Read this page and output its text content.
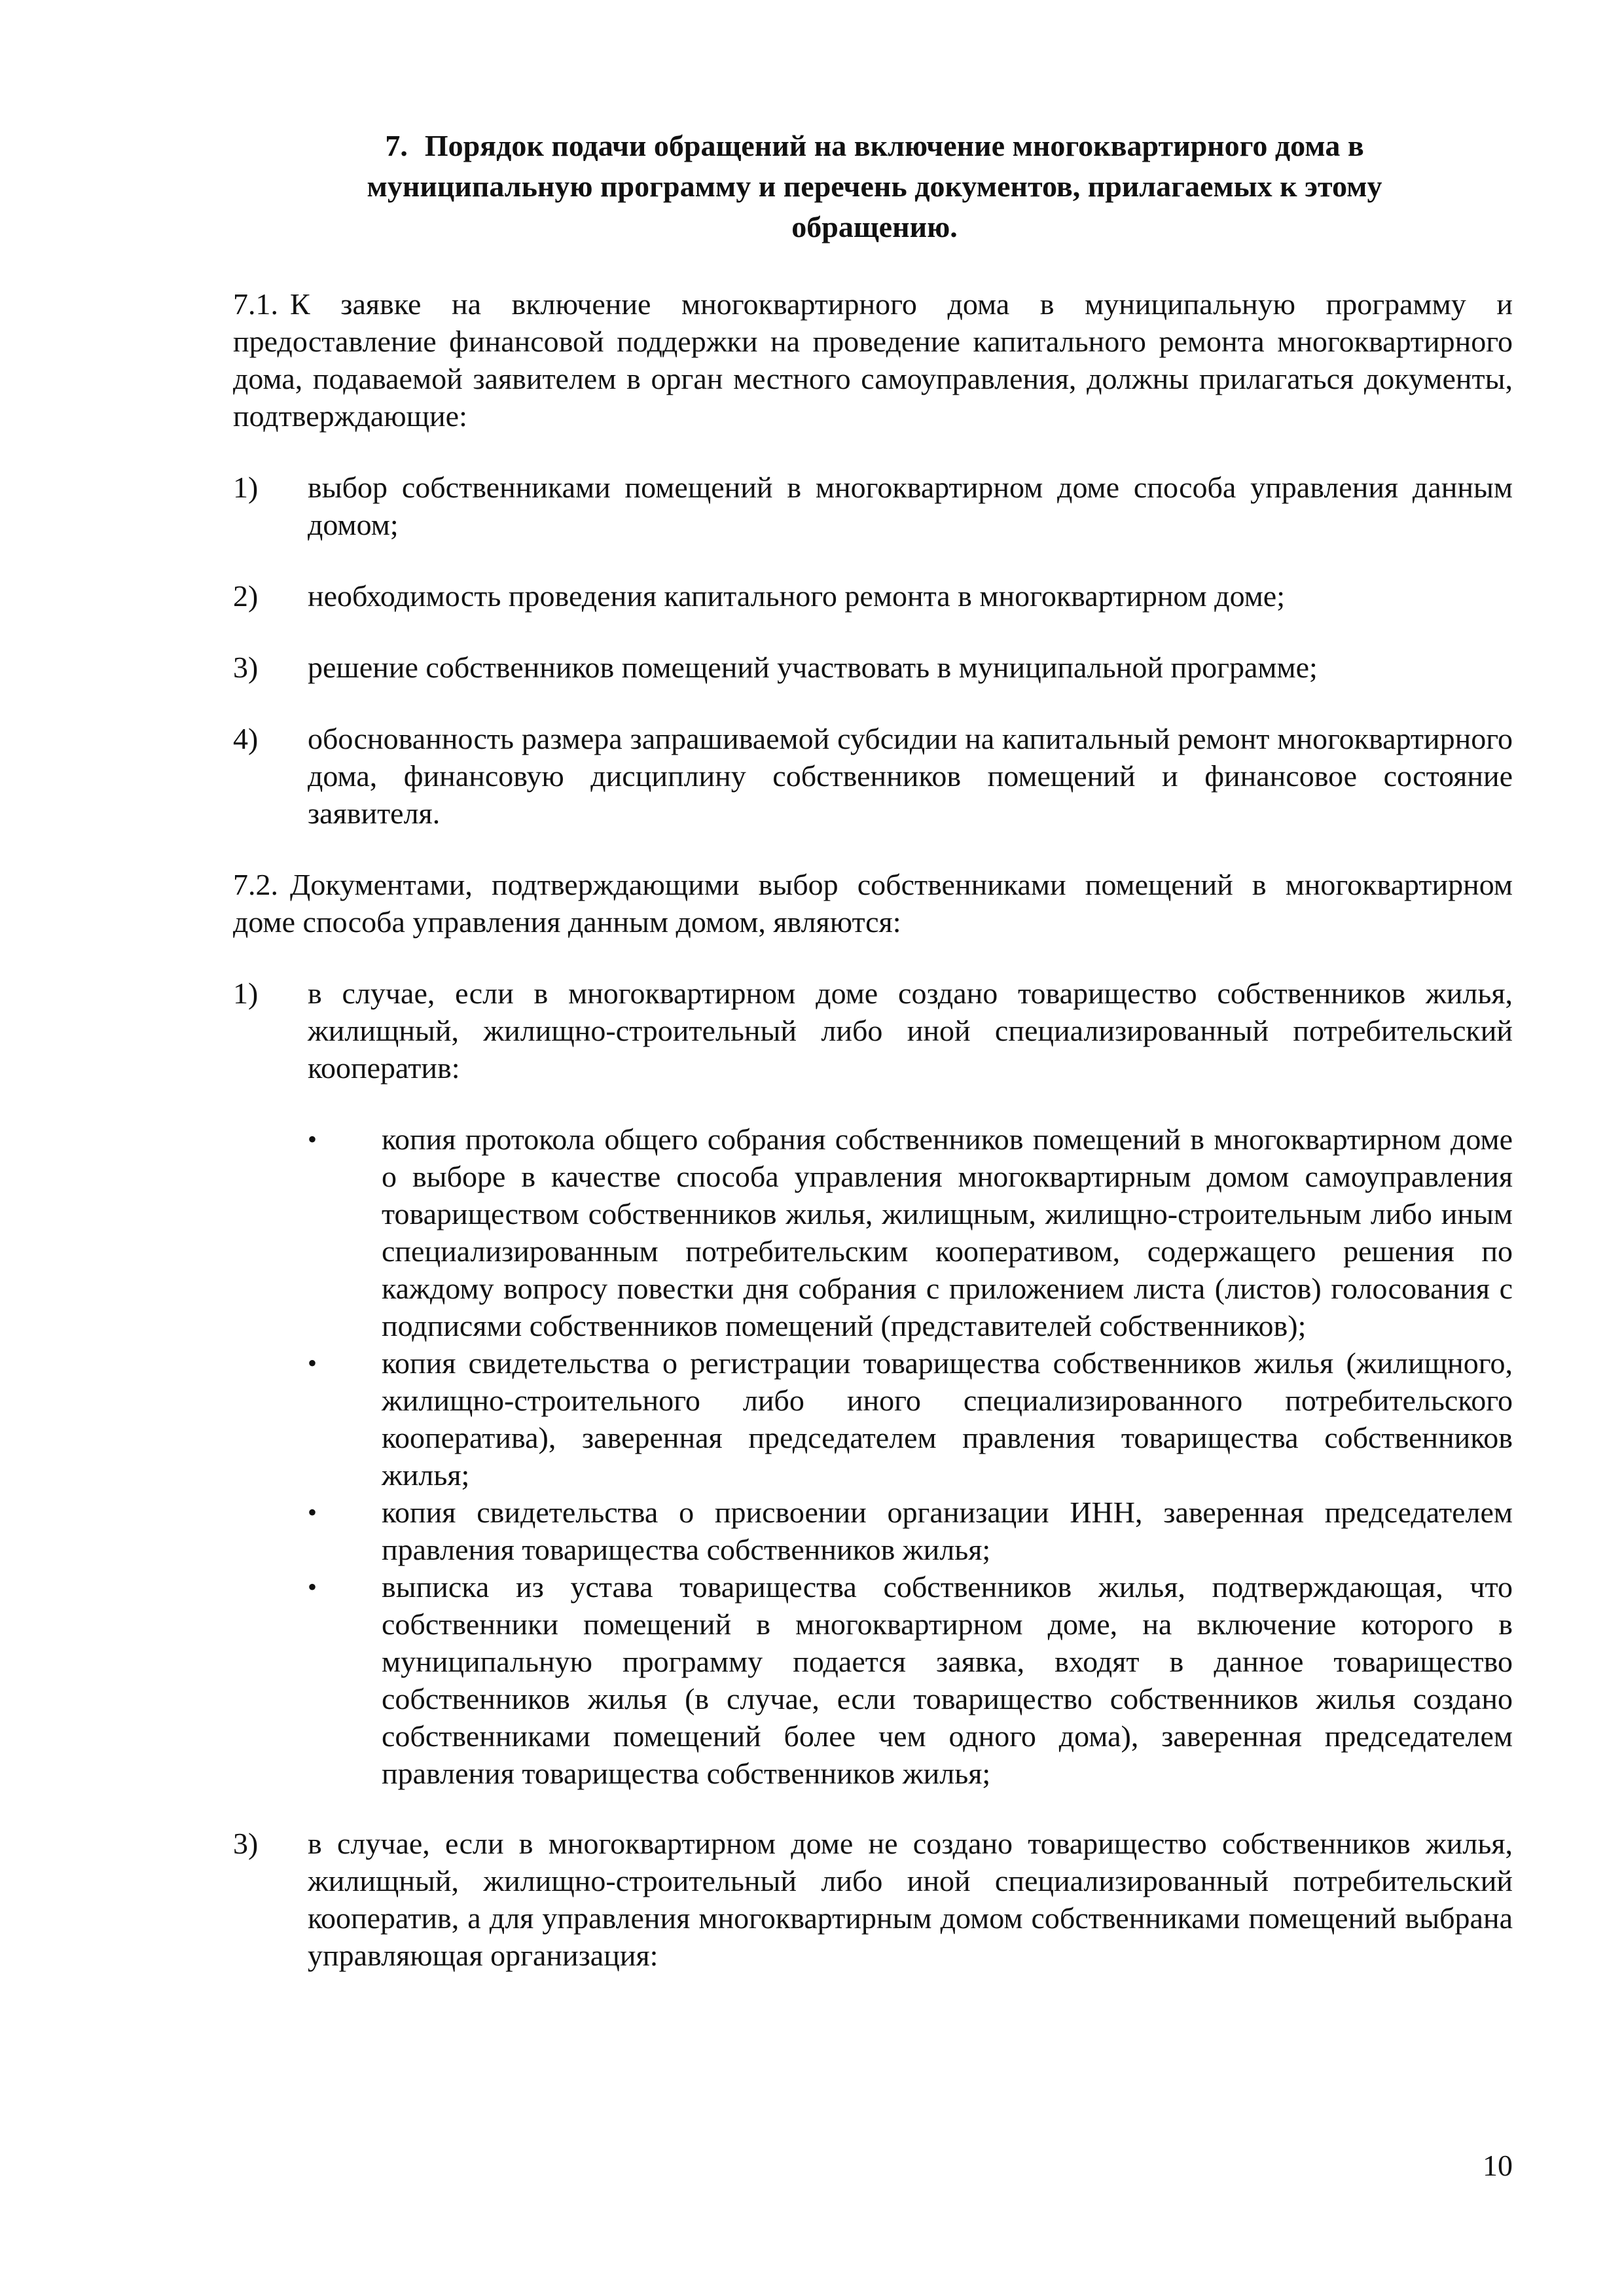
7. Порядок подачи обращений на включение многоквартирного дома в муниципальную программу и перечень документов, прилагаемых к этому обращению.
7.1. К заявке на включение многоквартирного дома в муниципальную программу и предоставление финансовой поддержки на проведение капитального ремонта многоквартирного дома, подаваемой заявителем в орган местного самоуправления, должны прилагаться документы, подтверждающие:
1) выбор собственниками помещений в многоквартирном доме способа управления данным домом;
2) необходимость проведения капитального ремонта в многоквартирном доме;
3) решение собственников помещений участвовать в муниципальной программе;
4) обоснованность размера запрашиваемой субсидии на капитальный ремонт многоквартирного дома, финансовую дисциплину собственников помещений и финансовое состояние заявителя.
7.2. Документами, подтверждающими выбор собственниками помещений в многоквартирном доме способа управления данным домом, являются:
1) в случае, если в многоквартирном доме создано товарищество собственников жилья, жилищный, жилищно-строительный либо иной специализированный потребительский кооператив:
• копия протокола общего собрания собственников помещений в многоквартирном доме о выборе в качестве способа управления многоквартирным домом самоуправления товариществом собственников жилья, жилищным, жилищно-строительным либо иным специализированным потребительским кооперативом, содержащего решения по каждому вопросу повестки дня собрания с приложением листа (листов) голосования с подписями собственников помещений (представителей собственников);
• копия свидетельства о регистрации товарищества собственников жилья (жилищного, жилищно-строительного либо иного специализированного потребительского кооператива), заверенная председателем правления товарищества собственников жилья;
• копия свидетельства о присвоении организации ИНН, заверенная председателем правления товарищества собственников жилья;
• выписка из устава товарищества собственников жилья, подтверждающая, что собственники помещений в многоквартирном доме, на включение которого в муниципальную программу подается заявка, входят в данное товарищество собственников жилья (в случае, если товарищество собственников жилья создано собственниками помещений более чем одного дома), заверенная председателем правления товарищества собственников жилья;
3) в случае, если в многоквартирном доме не создано товарищество собственников жилья, жилищный, жилищно-строительный либо иной специализированный потребительский кооператив, а для управления многоквартирным домом собственниками помещений выбрана управляющая организация:
10
